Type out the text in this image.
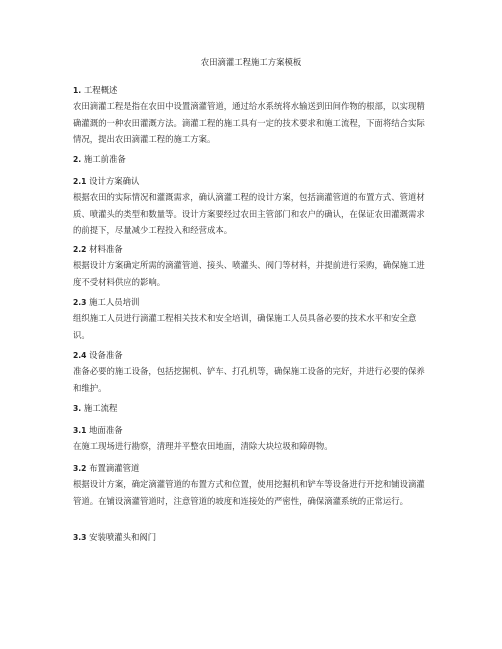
农田滴灌工程施工方案模板
1. 工程概述
农田滴灌工程是指在农田中设置滴灌管道，通过给水系统将水输送到田间作物的根部，以实现精确灌溉的一种农田灌溉方法。滴灌工程的施工具有一定的技术要求和施工流程，下面将结合实际情况，提出农田滴灌工程的施工方案。
2. 施工前准备
2.1 设计方案确认
根据农田的实际情况和灌溉需求，确认滴灌工程的设计方案，包括滴灌管道的布置方式、管道材质、喷灌头的类型和数量等。设计方案要经过农田主管部门和农户的确认，在保证农田灌溉需求的前提下，尽量减少工程投入和经营成本。
2.2 材料准备
根据设计方案确定所需的滴灌管道、接头、喷灌头、阀门等材料，并提前进行采购，确保施工进度不受材料供应的影响。
2.3 施工人员培训
组织施工人员进行滴灌工程相关技术和安全培训，确保施工人员具备必要的技术水平和安全意识。
2.4 设备准备
准备必要的施工设备，包括挖掘机、铲车、打孔机等，确保施工设备的完好，并进行必要的保养和维护。
3. 施工流程
3.1 地面准备
在施工现场进行勘察，清理并平整农田地面，清除大块垃圾和障碍物。
3.2 布置滴灌管道
根据设计方案，确定滴灌管道的布置方式和位置，使用挖掘机和铲车等设备进行开挖和铺设滴灌管道。在铺设滴灌管道时，注意管道的坡度和连接处的严密性，确保滴灌系统的正常运行。
3.3 安装喷灌头和阀门
